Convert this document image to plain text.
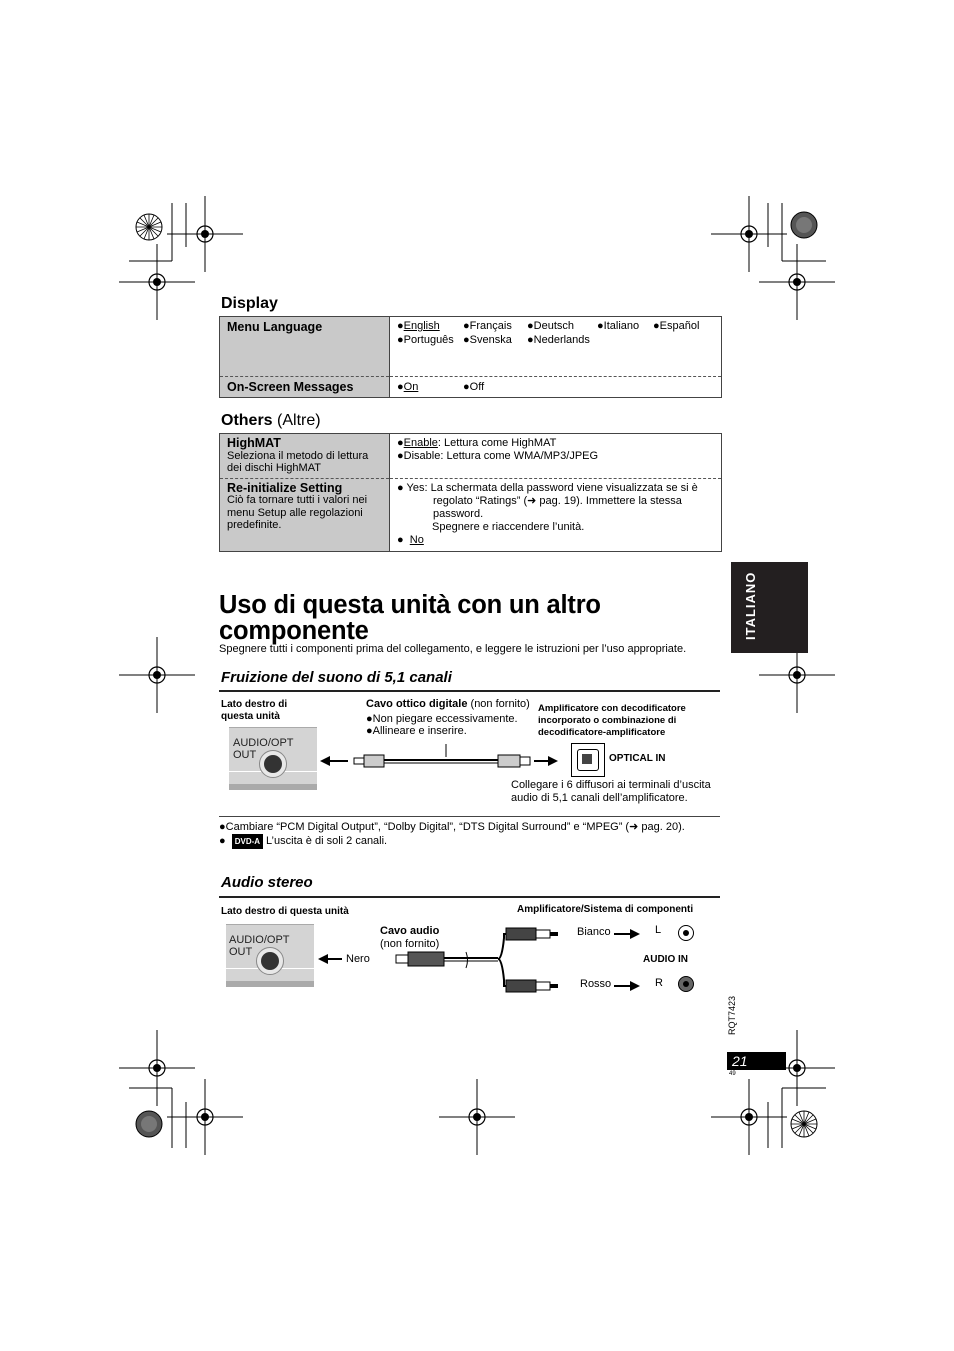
Display
Menu Language	●English ●Français ●Deutsch ●Italiano ●Español
●Português ●Svenska ●Nederlands

On-Screen Messages	●On ●Off
Others (Altre)
HighMAT
Seleziona il metodo di lettura dei dischi HighMAT	●Enable: Lettura come HighMAT
●Disable: Lettura come WMA/MP3/JPEG

Re-initialize Setting
Ciò fa tornare tutti i valori nei menu Setup alle regolazioni predefinite.	● Yes: La schermata della password viene visualizzata se si è
regolato “Ratings” (➜ pag. 19). Immettere la stessa
password.
Spegnere e riaccendere l’unità.
●  No
ITALIANO
Uso di questa unità con un altro
componente
Spegnere tutti i componenti prima del collegamento, e leggere le istruzioni per l’uso appropriate.
Fruizione del suono di 5,1 canali
Lato destro di
questa unità
AUDIO/OPT OUT
Cavo ottico digitale (non fornito)
●Non piegare eccessivamente.
●Allineare e inserire.
Amplificatore con decodificatore
incorporato o combinazione di
decodificatore-amplificatore
OPTICAL IN
Collegare i 6 diffusori ai terminali d’uscita
audio di 5,1 canali dell’amplificatore.
●Cambiare “PCM Digital Output”, “Dolby Digital”, “DTS Digital Surround” e “MPEG” (➜ pag. 20).
● DVD-A L’uscita è di soli 2 canali.
Audio stereo
Lato destro di questa unità	Amplificatore/Sistema di componenti
AUDIO/OPT OUT
Nero
Cavo audio
(non fornito)
Bianco
Rosso
L
R
AUDIO IN
RQT7423
21
49
